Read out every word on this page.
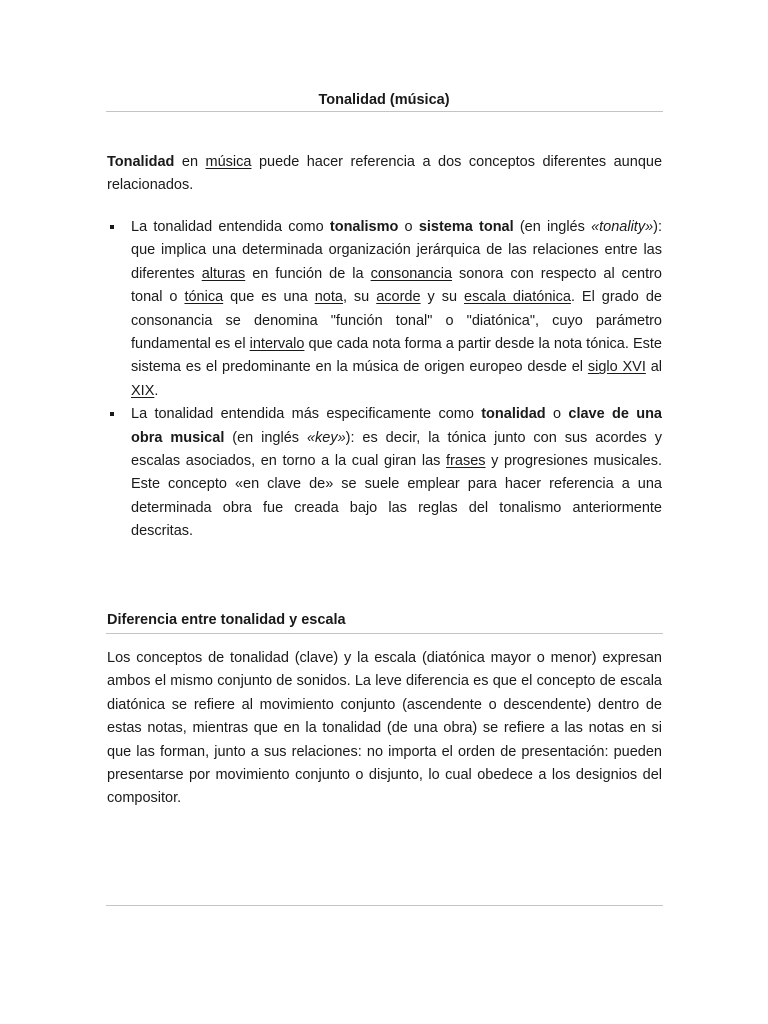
Tonalidad (música)

Tonalidad en música puede hacer referencia a dos conceptos diferentes aunque relacionados.

La tonalidad entendida como tonalismo o sistema tonal (en inglés «tonality»): que implica una determinada organización jerárquica de las relaciones entre las diferentes alturas en función de la consonancia sonora con respecto al centro tonal o tónica que es una nota, su acorde y su escala diatónica. El grado de consonancia se denomina "función tonal" o "diatónica", cuyo parámetro fundamental es el intervalo que cada nota forma a partir desde la nota tónica. Este sistema es el predominante en la música de origen europeo desde el siglo XVI al XIX.
La tonalidad entendida más especificamente como tonalidad o clave de una obra musical (en inglés «key»): es decir, la tónica junto con sus acordes y escalas asociados, en torno a la cual giran las frases y progresiones musicales. Este concepto «en clave de» se suele emplear para hacer referencia a una determinada obra fue creada bajo las reglas del tonalismo anteriormente descritas.
Diferencia entre tonalidad y escala

Los conceptos de tonalidad (clave) y la escala (diatónica mayor o menor) expresan ambos el mismo conjunto de sonidos. La leve diferencia es que el concepto de escala diatónica se refiere al movimiento conjunto (ascendente o descendente) dentro de estas notas, mientras que en la tonalidad (de una obra) se refiere a las notas en si que las forman, junto a sus relaciones: no importa el orden de presentación: pueden presentarse por movimiento conjunto o disjunto, lo cual obedece a los designios del compositor.
